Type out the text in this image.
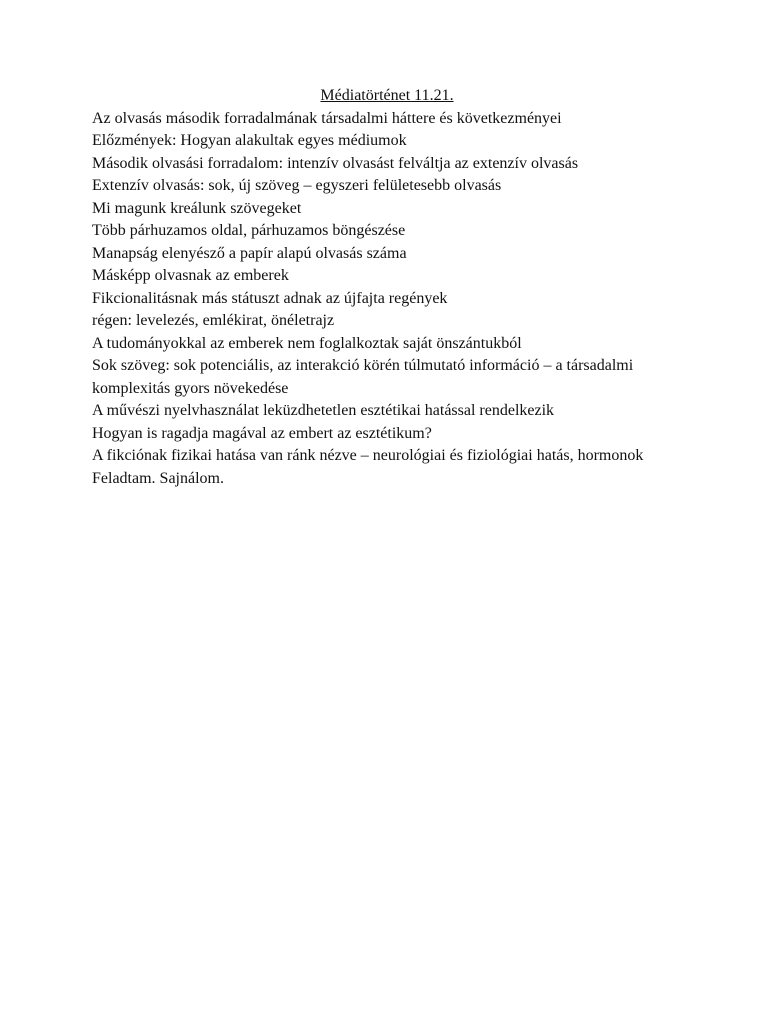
Médiatörténet 11.21.

Az olvasás második forradalmának társadalmi háttere és következményei

Előzmények: Hogyan alakultak egyes médiumok

Második olvasási forradalom: intenzív olvasást felváltja az extenzív olvasás

Extenzív olvasás: sok, új szöveg – egyszeri felületesebb olvasás

Mi magunk kreálunk szövegeket

Több párhuzamos oldal, párhuzamos böngészése

Manapság elenyésző a papír alapú olvasás száma

Másképp olvasnak az emberek

Fikcionalitásnak más státuszt adnak az újfajta regények

régen: levelezés, emlékirat, önéletrajz

A tudományokkal az emberek nem foglalkoztak saját önszántukból

Sok szöveg: sok potenciális, az interakció körén túlmutató információ – a társadalmi komplexitás gyors növekedése

A művészi nyelvhasználat leküzdhetetlen esztétikai hatással rendelkezik

Hogyan is ragadja magával az embert az esztétikum?

A fikciónak fizikai hatása van ránk nézve – neurológiai és fiziológiai hatás, hormonok

Feladtam. Sajnálom.
